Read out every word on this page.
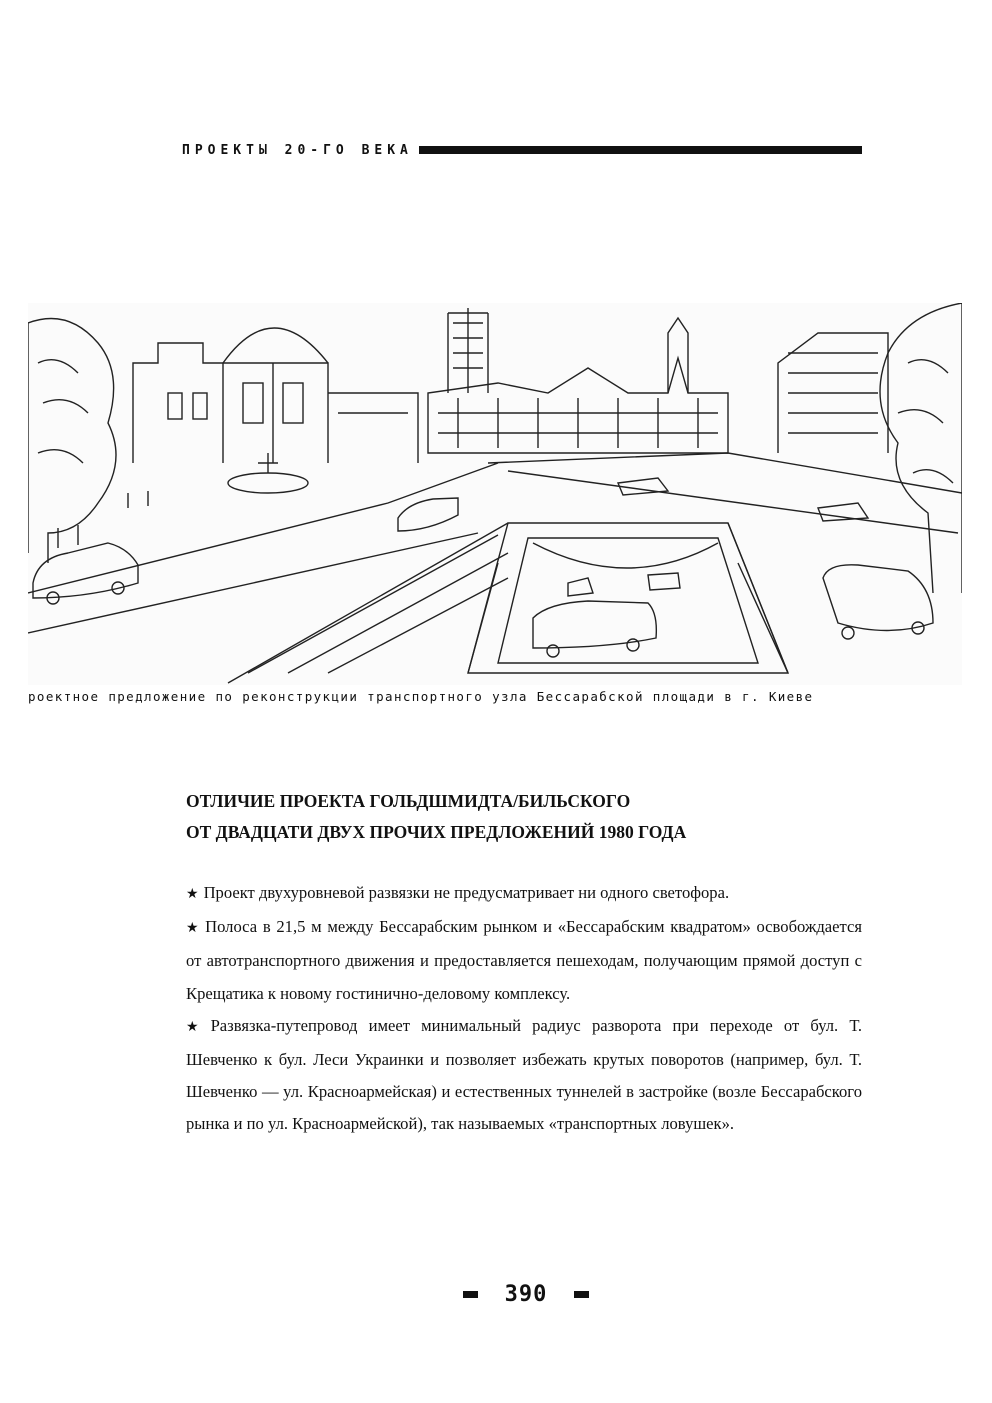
ПРОЕКТЫ 20-ГО ВЕКА
роектное предложение по реконструкции транспортного узла Бессарабской площади в г. Киеве
ОТЛИЧИЕ ПРОЕКТА ГОЛЬДШМИДТА/БИЛЬСКОГО
ОТ ДВАДЦАТИ ДВУХ ПРОЧИХ ПРЕДЛОЖЕНИЙ 1980 ГОДА

★ Проект двухуровневой развязки не предусматривает ни одного светофора.

★ Полоса в 21,5 м между Бессарабским рынком и «Бессарабским квадратом» освобождается от автотранспортного движения и предоставляется пешеходам, получающим прямой доступ с Крещатика к новому гостинично-деловому комплексу.

★ Развязка-путепровод имеет минимальный радиус разворота при переходе от бул. Т. Шевченко к бул. Леси Украинки и позволяет избежать крутых поворотов (например, бул. Т. Шевченко — ул. Красноармейская) и естественных туннелей в застройке (возле Бессарабского рынка и по ул. Красноармейской), так называемых «транспортных ловушек».

390
